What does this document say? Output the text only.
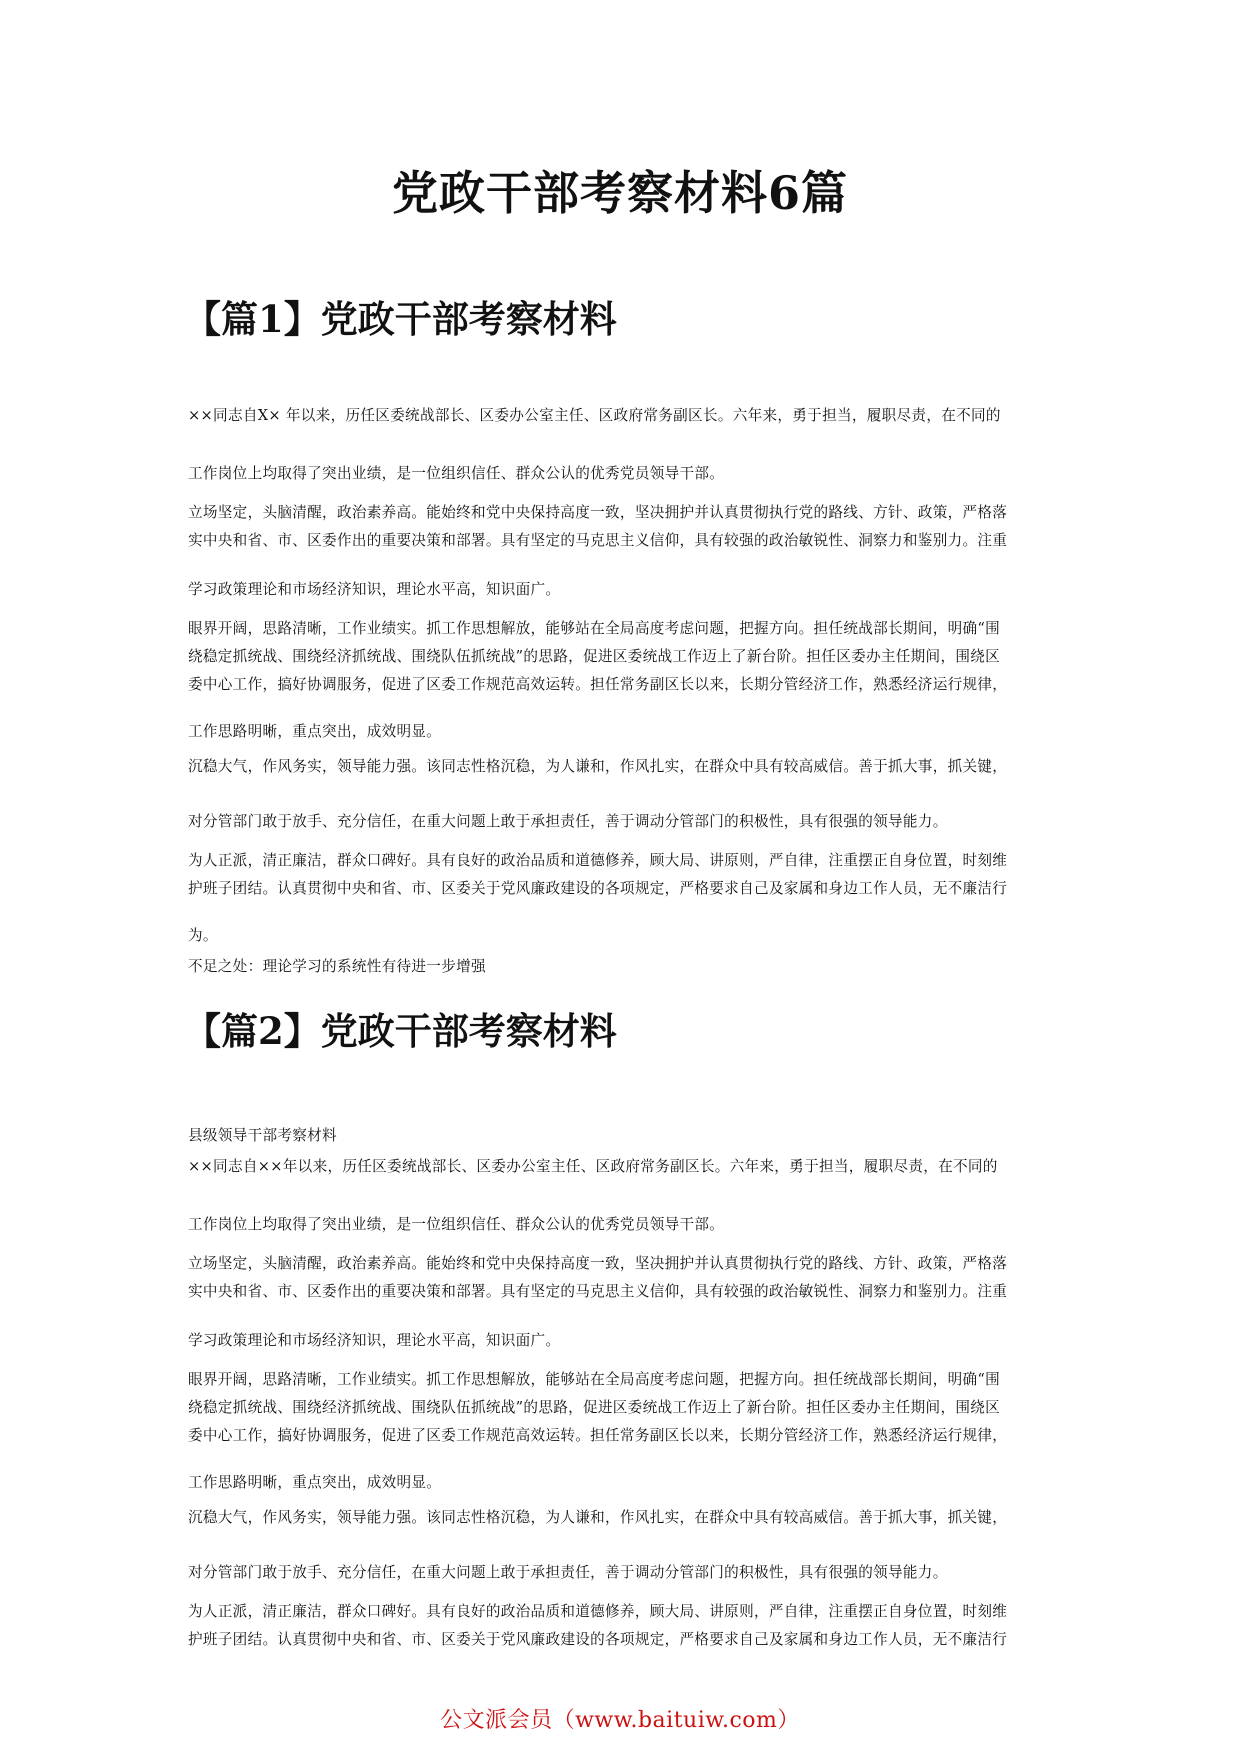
党政干部考察材料6篇
【篇1】党政干部考察材料
××同志自X× 年以来，历任区委统战部长、区委办公室主任、区政府常务副区长。六年来，勇于担当，履职尽责，在不同的
工作岗位上均取得了突出业绩，是一位组织信任、群众公认的优秀党员领导干部。
立场坚定，头脑清醒，政治素养高。能始终和党中央保持高度一致，坚决拥护并认真贯彻执行党的路线、方针、政策，严格落
实中央和省、市、区委作出的重要决策和部署。具有坚定的马克思主义信仰，具有较强的政治敏锐性、洞察力和鉴别力。注重
学习政策理论和市场经济知识，理论水平高，知识面广。
眼界开阔，思路清晰，工作业绩实。抓工作思想解放，能够站在全局高度考虑问题，把握方向。担任统战部长期间，明确“围
绕稳定抓统战、围绕经济抓统战、围绕队伍抓统战”的思路，促进区委统战工作迈上了新台阶。担任区委办主任期间，围绕区
委中心工作，搞好协调服务，促进了区委工作规范高效运转。担任常务副区长以来，长期分管经济工作，熟悉经济运行规律，
工作思路明晰，重点突出，成效明显。
沉稳大气，作风务实，领导能力强。该同志性格沉稳，为人谦和，作风扎实，在群众中具有较高威信。善于抓大事，抓关键，
对分管部门敢于放手、充分信任，在重大问题上敢于承担责任，善于调动分管部门的积极性，具有很强的领导能力。
为人正派，清正廉洁，群众口碑好。具有良好的政治品质和道德修养，顾大局、讲原则，严自律，注重摆正自身位置，时刻维
护班子团结。认真贯彻中央和省、市、区委关于党风廉政建设的各项规定，严格要求自己及家属和身边工作人员，无不廉洁行
为。
不足之处：理论学习的系统性有待进一步增强
【篇2】党政干部考察材料
县级领导干部考察材料
××同志自××年以来，历任区委统战部长、区委办公室主任、区政府常务副区长。六年来，勇于担当，履职尽责，在不同的
工作岗位上均取得了突出业绩，是一位组织信任、群众公认的优秀党员领导干部。
立场坚定，头脑清醒，政治素养高。能始终和党中央保持高度一致，坚决拥护并认真贯彻执行党的路线、方针、政策，严格落
实中央和省、市、区委作出的重要决策和部署。具有坚定的马克思主义信仰，具有较强的政治敏锐性、洞察力和鉴别力。注重
学习政策理论和市场经济知识，理论水平高，知识面广。
眼界开阔，思路清晰，工作业绩实。抓工作思想解放，能够站在全局高度考虑问题，把握方向。担任统战部长期间，明确“围
绕稳定抓统战、围绕经济抓统战、围绕队伍抓统战”的思路，促进区委统战工作迈上了新台阶。担任区委办主任期间，围绕区
委中心工作，搞好协调服务，促进了区委工作规范高效运转。担任常务副区长以来，长期分管经济工作，熟悉经济运行规律，
工作思路明晰，重点突出，成效明显。
沉稳大气，作风务实，领导能力强。该同志性格沉稳，为人谦和，作风扎实，在群众中具有较高威信。善于抓大事，抓关键，
对分管部门敢于放手、充分信任，在重大问题上敢于承担责任，善于调动分管部门的积极性，具有很强的领导能力。
为人正派，清正廉洁，群众口碑好。具有良好的政治品质和道德修养，顾大局、讲原则，严自律，注重摆正自身位置，时刻维
护班子团结。认真贯彻中央和省、市、区委关于党风廉政建设的各项规定，严格要求自己及家属和身边工作人员，无不廉洁行
公文派会员（www.baituiw.com）
